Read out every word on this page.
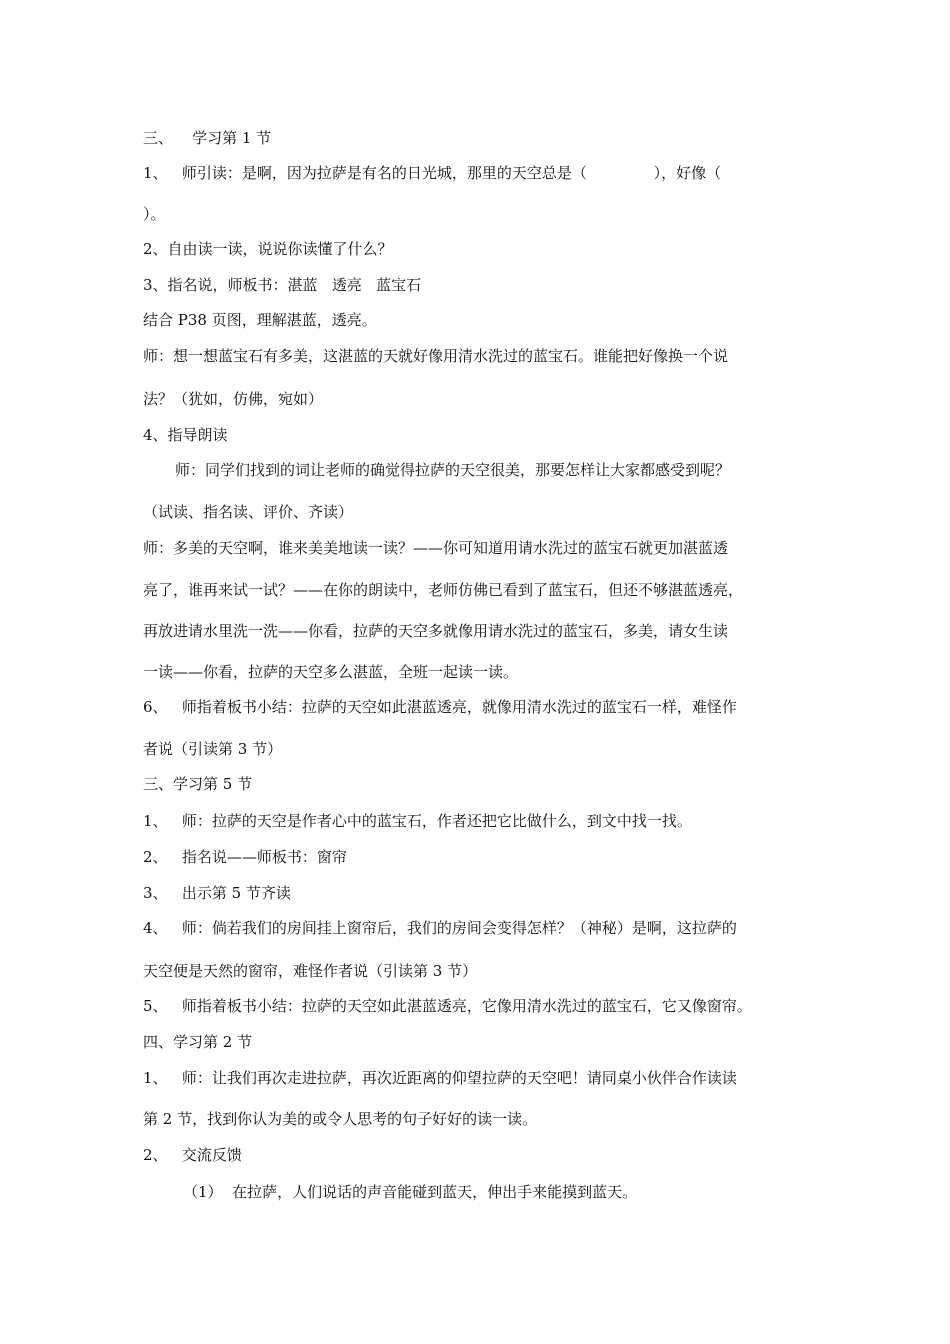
三、    学习第 1 节
1、   师引读：是啊，因为拉萨是有名的日光城，那里的天空总是（              ），好像（
）。
2、自由读一读，说说你读懂了什么？
3、指名说，师板书：湛蓝   透亮   蓝宝石
结合 P38 页图，理解湛蓝，透亮。
师：想一想蓝宝石有多美，这湛蓝的天就好像用清水洗过的蓝宝石。谁能把好像换一个说
法？（犹如，仿佛，宛如）
4、指导朗读
师：同学们找到的词让老师的确觉得拉萨的天空很美，那要怎样让大家都感受到呢？
（试读、指名读、评价、齐读）
师：多美的天空啊，谁来美美地读一读？——你可知道用请水洗过的蓝宝石就更加湛蓝透
亮了，谁再来试一试？——在你的朗读中，老师仿佛已看到了蓝宝石，但还不够湛蓝透亮，
再放进请水里洗一洗——你看，拉萨的天空多就像用请水洗过的蓝宝石，多美，请女生读
一读——你看，拉萨的天空多么湛蓝，全班一起读一读。
6、   师指着板书小结：拉萨的天空如此湛蓝透亮，就像用清水洗过的蓝宝石一样，难怪作
者说（引读第 3 节）
三、学习第 5 节
1、   师：拉萨的天空是作者心中的蓝宝石，作者还把它比做什么，到文中找一找。
2、   指名说——师板书：窗帘
3、   出示第 5 节齐读
4、   师：倘若我们的房间挂上窗帘后，我们的房间会变得怎样？（神秘）是啊，这拉萨的
天空便是天然的窗帘，难怪作者说（引读第 3 节）
5、   师指着板书小结：拉萨的天空如此湛蓝透亮，它像用清水洗过的蓝宝石，它又像窗帘。
四、学习第 2 节
1、   师：让我们再次走进拉萨，再次近距离的仰望拉萨的天空吧！请同桌小伙伴合作读读
第 2 节，找到你认为美的或令人思考的句子好好的读一读。
2、   交流反馈
（1）  在拉萨，人们说话的声音能碰到蓝天，伸出手来能摸到蓝天。
